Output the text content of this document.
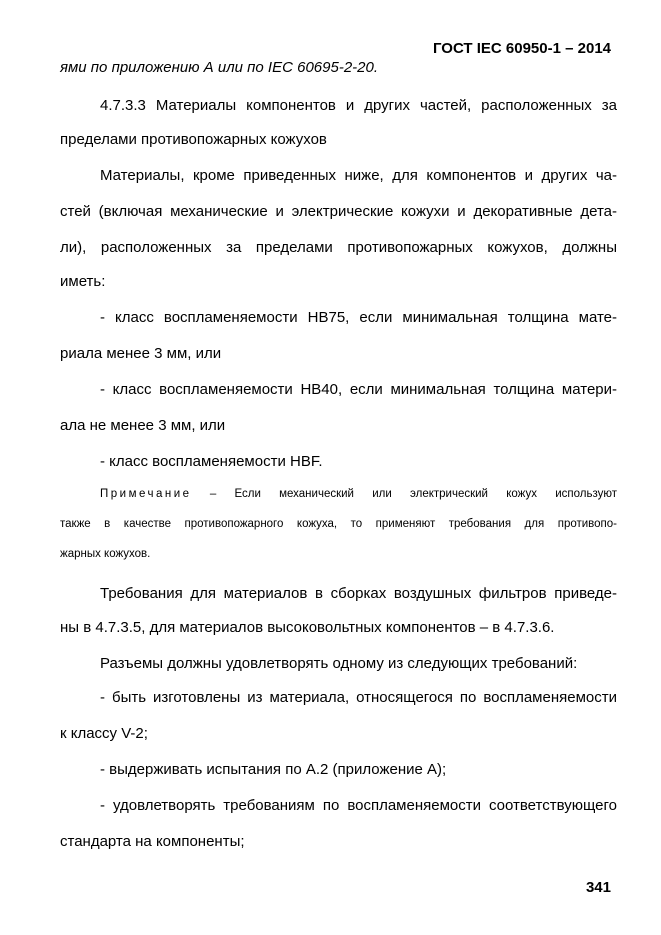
ГОСТ IEC 60950-1 – 2014
ями по приложению А или по IEC 60695-2-20.
4.7.3.3 Материалы компонентов и других частей, расположенных за
пределами противопожарных кожухов
Материалы, кроме приведенных ниже, для компонентов и других ча-
стей (включая механические и электрические кожухи и декоративные дета-
ли), расположенных за пределами противопожарных кожухов, должны
иметь:
- класс воспламеняемости НВ75, если минимальная толщина мате-
риала менее 3 мм, или
- класс воспламеняемости НВ40, если минимальная толщина матери-
ала не менее 3 мм, или
- класс воспламеняемости HBF.
Примечание – Если механический или электрический кожух используют
также в качестве противопожарного кожуха, то применяют требования для противопо-
жарных кожухов.
Требования для материалов в сборках воздушных фильтров приведе-
ны в 4.7.3.5, для материалов высоковольтных компонентов – в 4.7.3.6.
Разъемы должны удовлетворять одному из следующих требований:
- быть изготовлены из материала, относящегося по воспламеняемости
к классу V-2;
- выдерживать испытания по А.2 (приложение А);
- удовлетворять требованиям по воспламеняемости соответствующего
стандарта на компоненты;
341
